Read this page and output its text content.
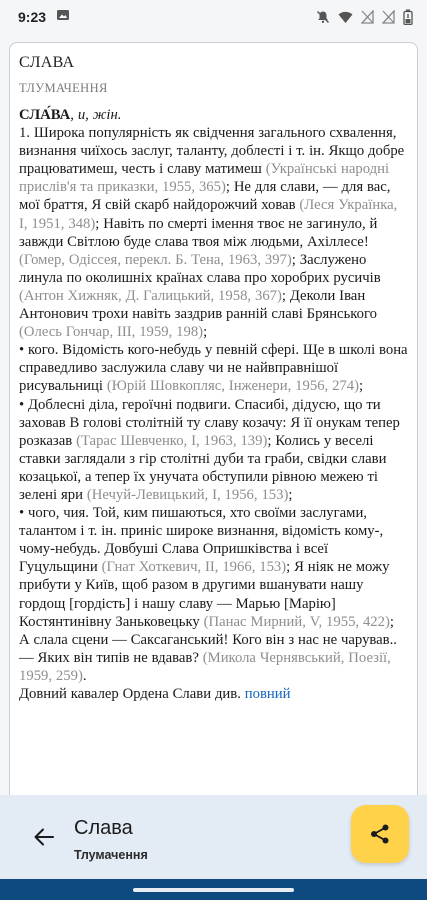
9:23
СЛАВА
ТЛУМАЧЕННЯ

СЛА́ВА, и, жін.
1. Широка популярність як свідчення загального схвалення, визнання чиїхось заслуг, таланту, доблесті і т. ін. Якщо добре працюватимеш, честь і славу матимеш (Українські народні прислів'я та приказки, 1955, 365); Не для слави, — для вас, мої браття, Я свій скарб найдорожчий ховав (Леся Українка, I, 1951, 348); Навіть по смерті імення твоє не загинуло, й завжди Світлою буде слава твоя між людьми, Ахіллесе! (Гомер, Одіссея, перекл. Б. Тена, 1963, 397); Заслужено линула по околишніх країнах слава про хоробрих русичів (Антон Хижняк, Д. Галицький, 1958, 367); Деколи Іван Антонович трохи навіть заздрив ранній славі Брянського (Олесь Гончар, III, 1959, 198);

• кого. Відомість кого-небудь у певній сфері. Ще в школі вона справедливо заслужила славу чи не найвправнішої рисувальниці (Юрій Шовкопляс, Інженери, 1956, 274);

• Доблесні діла, героїчні подвиги. Спасибі, дідусю, що ти заховав В голові столітній ту славу козачу: Я її онукам тепер розказав (Тарас Шевченко, I, 1963, 139); Колись у веселі ставки заглядали з гір столітні дуби та граби, свідки слави козацької, а тепер їх унучата обступили рівною межею ті зелені яри (Нечуй-Левицький, I, 1956, 153);

• чого, чия. Той, ким пишаються, хто своїми заслугами, талантом і т. ін. приніс широке визнання, відомість кому-, чому-небудь. Довбуші Слава Опришківства і всеї Гуцульщини (Гнат Хоткевич, II, 1966, 153); Я ніяк не можу прибути у Київ, щоб разом в другими вшанувати нашу гордощ [гордість] і нашу славу — Марью [Марію] Костянтинівну Заньковецьку (Панас Мирний, V, 1955, 422); А слала сцени — Саксаганський! Кого він з нас не чарував.. — Яких він типів не вдавав? (Микола Чернявський, Поезії, 1959, 259).

Довний кавалер Ордена Слави див. повний

Слава
Тлумачення
